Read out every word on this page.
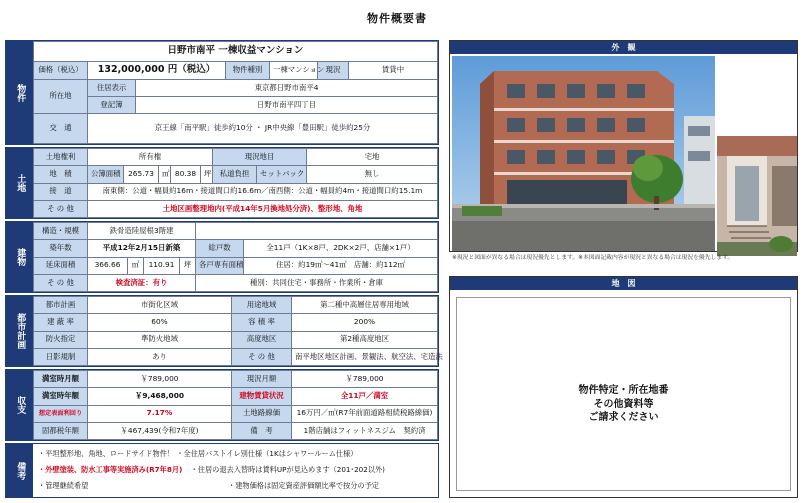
物件概要書
物件
日野市南平 一棟収益マンション						
価格（税込）	132,000,000 円（税込）		物件種別	一棟マンション	現況	賃貸中
所在地	住居表示	東京都日野市南平4				
	登記簿	日野市南平四丁目				
交　通	京王線「南平駅」徒歩約10分 ・ JR中央線「豊田駅」徒歩約25分					
土地
土地権利	所有権					現況地目		宅地
地　積	公簿面積	265.73	㎡	80.38	坪	私道負担	セットバック	無し
接　道	南東側：公道・幅員約16m・接道間口約16.6m／南西側：公道・幅員約4m・接道間口約15.1m							
そ の 他	土地区画整理地内(平成14年5月換地処分済)、整形地、角地							
建物
構造・規模	鉄骨造陸屋根3階建					
築年数	平成12年2月15日新築				総戸数	全11戸（1K×8戸、2DK×2戸、店舗×1戸）
延床面積	366.66	㎡	110.91	坪	各戸専有面積	住居：約19㎡～41㎡　店舗：約112㎡
そ の 他	検査済証：有り				種別：共同住宅・事務所・作業所・倉庫	
都市計画
都市計画	市街化区域	用途地域	第二種中高層住居専用地域
建 蔽 率	60%	容 積 率	200%
防火指定	準防火地域	高度地区	第2種高度地区
日影規制	あり	そ の 他	南平地区地区計画、景観法、航空法、宅造法
収支
満室時月額	￥789,000	現況月額	￥789,000
満室時年額	￥9,468,000	建物賃貸状況	全11戸／満室
想定表面利回り	7.17%	土地路線価	16万円／㎡(R7年前面道路相続税路線価)
固都税年額	￥467,439(令和7年度)	備　考	1階店舗はフィットネスジム　契約済
備考
・平坦整形地、角地、ロードサイド物件！ ・全住居バストイレ別仕様（1Kはシャワールーム仕様）
・外壁塗装、防水工事等実施済み(R7年8月) ・住居の退去入替時は賃料UPが見込めます（201･202以外)
・管理継続希望	・建物価格は固定資産評価額比率で按分の予定
外　観
※現況と図面が異なる場合は現況優先とします。※本図面記載内容が現況と異なる場合は現況を優先します。
地　図
物件特定・所在地番
その他資料等
ご請求ください
